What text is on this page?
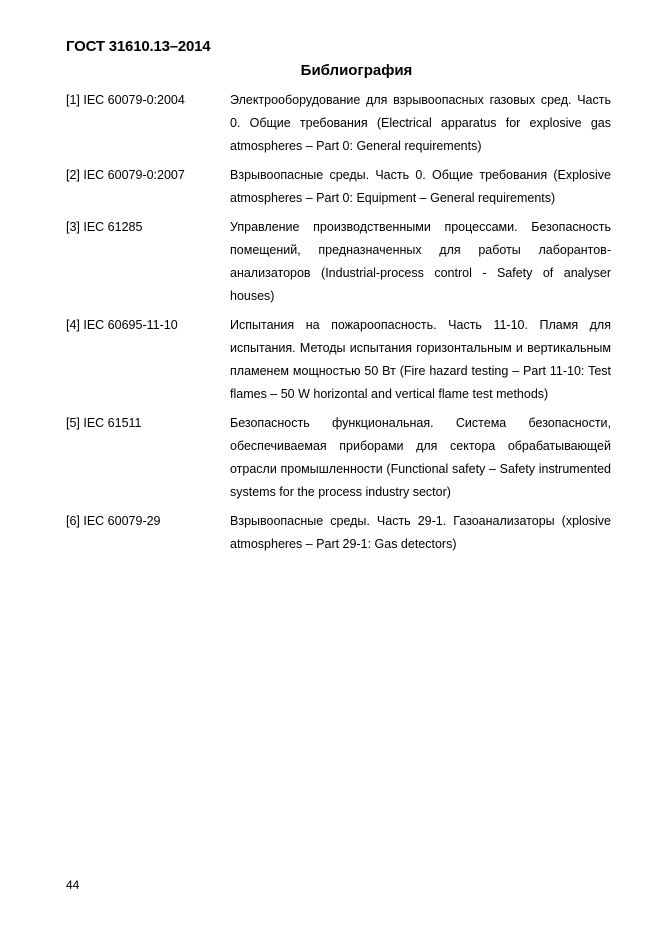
ГОСТ 31610.13–2014
Библиография
[1] IEC 60079-0:2004	Электрооборудование для взрывоопасных газовых сред. Часть 0. Общие требования (Electrical apparatus for explosive gas atmospheres – Part 0: General requirements)
[2] IEC 60079-0:2007	Взрывоопасные среды. Часть 0. Общие требования (Explosive atmospheres – Part 0: Equipment – General requirements)
[3] IEC 61285	Управление производственными процессами. Безопасность помещений, предназначенных для работы лаборантов-анализаторов (Industrial-process control - Safety of analyser houses)
[4] IEC 60695-11-10	Испытания на пожароопасность. Часть 11-10. Пламя для испытания. Методы испытания горизонтальным и вертикальным пламенем мощностью 50 Вт (Fire hazard testing – Part 11-10: Test flames – 50 W horizontal and vertical flame test methods)
[5] IEC 61511	Безопасность функциональная. Система безопасности, обеспечиваемая приборами для сектора обрабатывающей отрасли промышленности (Functional safety – Safety instrumented systems for the process industry sector)
[6] IEC 60079-29	Взрывоопасные среды. Часть 29-1. Газоанализаторы (xplosive atmospheres – Part 29-1: Gas detectors)
44
